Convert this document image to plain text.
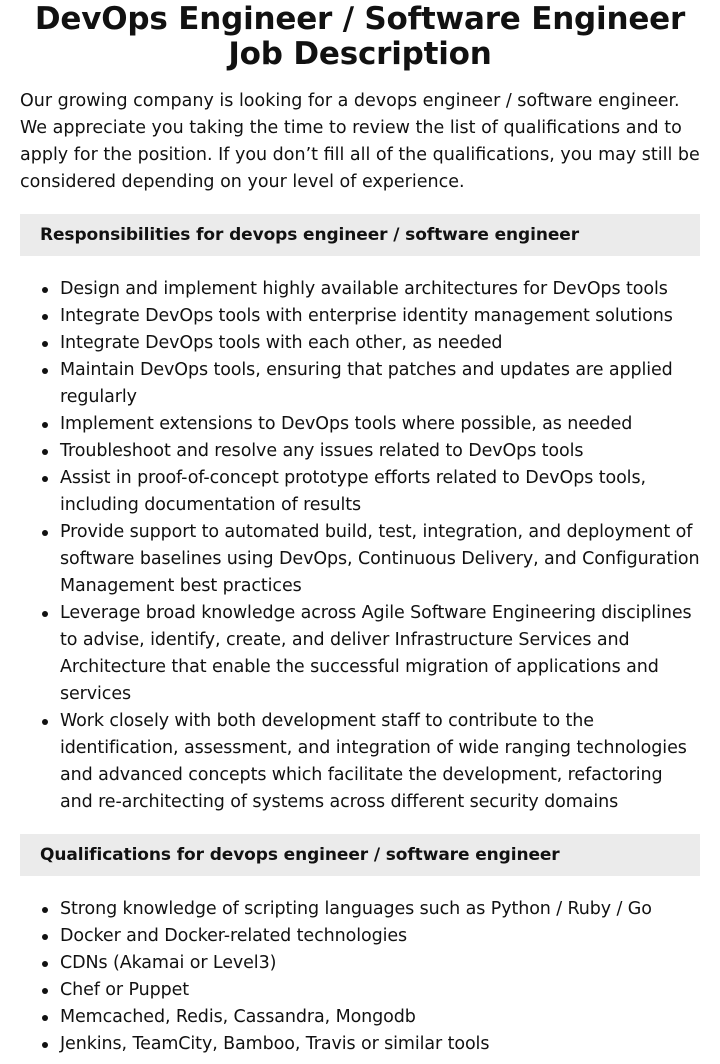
DevOps Engineer / Software Engineer Job Description

Our growing company is looking for a devops engineer / software engineer. We appreciate you taking the time to review the list of qualifications and to apply for the position. If you don’t fill all of the qualifications, you may still be considered depending on your level of experience.

Responsibilities for devops engineer / software engineer
Design and implement highly available architectures for DevOps tools
Integrate DevOps tools with enterprise identity management solutions
Integrate DevOps tools with each other, as needed
Maintain DevOps tools, ensuring that patches and updates are applied regularly
Implement extensions to DevOps tools where possible, as needed
Troubleshoot and resolve any issues related to DevOps tools
Assist in proof-of-concept prototype efforts related to DevOps tools, including documentation of results
Provide support to automated build, test, integration, and deployment of software baselines using DevOps, Continuous Delivery, and Configuration Management best practices
Leverage broad knowledge across Agile Software Engineering disciplines to advise, identify, create, and deliver Infrastructure Services and Architecture that enable the successful migration of applications and services
Work closely with both development staff to contribute to the identification, assessment, and integration of wide ranging technologies and advanced concepts which facilitate the development, refactoring and re-architecting of systems across different security domains
Qualifications for devops engineer / software engineer
Strong knowledge of scripting languages such as Python / Ruby / Go
Docker and Docker-related technologies
CDNs (Akamai or Level3)
Chef or Puppet
Memcached, Redis, Cassandra, Mongodb
Jenkins, TeamCity, Bamboo, Travis or similar tools
